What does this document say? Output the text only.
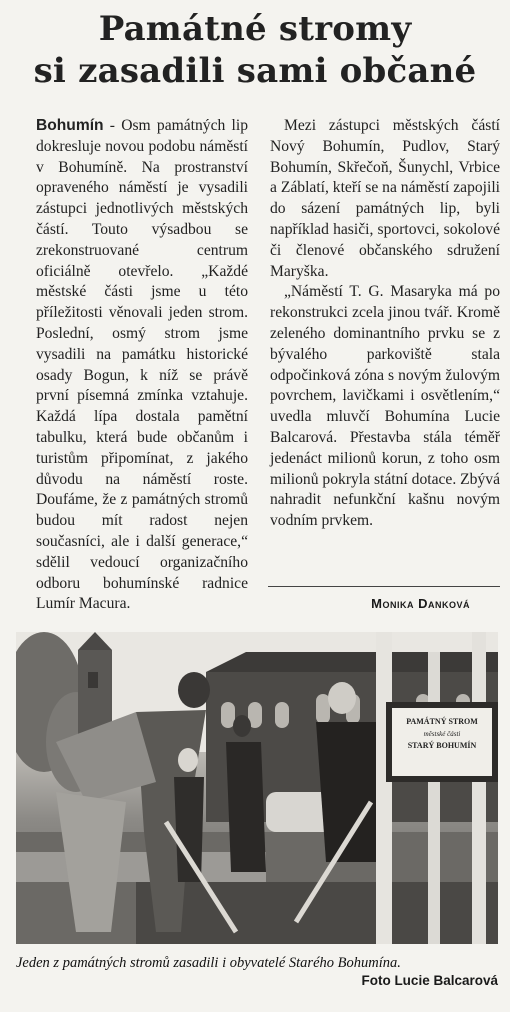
Památné stromy
si zasadili sami občané

Bohumín - Osm památných lip dokresluje novou podobu náměstí v Bohumíně. Na prostranství opraveného náměstí je vysadili zástupci jednotlivých městských částí. Touto výsadbou se zrekonstruované centrum oficiálně otevřelo. „Každé městské části jsme u této příležitosti věnovali jeden strom. Poslední, osmý strom jsme vysadili na památku historické osady Bogun, k níž se právě první písemná zmínka vztahuje. Každá lípa dostala pamětní tabulku, která bude občanům i turistům připomínat, z jakého důvodu na náměstí roste. Doufáme, že z památných stromů budou mít radost nejen současníci, ale i další generace,“ sdělil vedoucí organizačního odboru bohumínské radnice Lumír Macura.

Mezi zástupci městských částí Nový Bohumín, Pudlov, Starý Bohumín, Skřečoň, Šunychl, Vrbice a Záblatí, kteří se na náměstí zapojili do sázení památných lip, byli například hasiči, sportovci, sokolové či členové občanského sdružení Maryška.

„Náměstí T. G. Masaryka má po rekonstrukci zcela jinou tvář. Kromě zeleného dominantního prvku se z bývalého parkoviště stala odpočinková zóna s novým žulovým povrchem, lavičkami i osvětlením,“ uvedla mluvčí Bohumína Lucie Balcarová. Přestavba stála téměř jedenáct milionů korun, z toho osm milionů pokryla státní dotace. Zbývá nahradit nefunkční kašnu novým vodním prvkem.

Monika Danková
PAMÁTNÝ STROM
městské části
STARÝ BOHUMÍN
Jeden z památných stromů zasadili i obyvatelé Starého Bohumína.
Foto Lucie Balcarová
